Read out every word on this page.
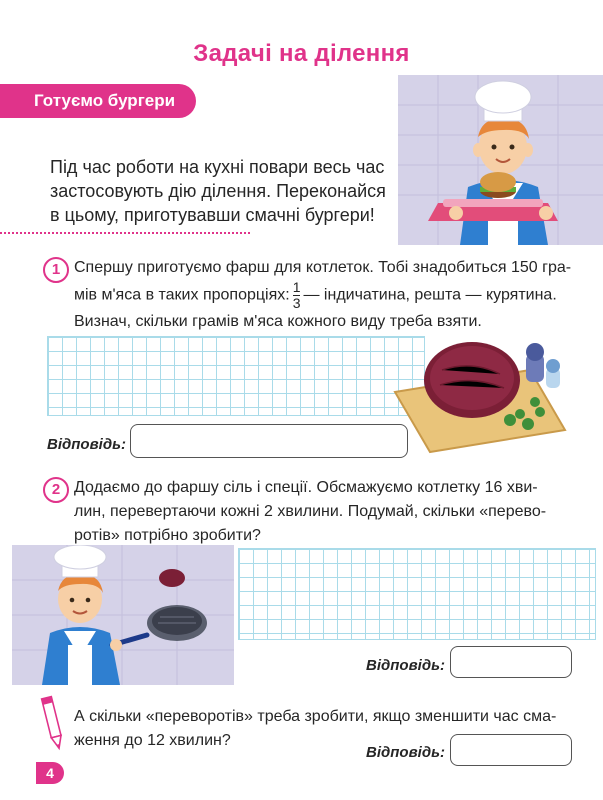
Задачі на ділення
Готуємо бургери
Під час роботи на кухні повари весь час застосовують дію ділення. Переконайся в цьому, приготувавши смачні бургери!
1 Спершу приготуємо фарш для котлеток. Тобі знадобиться 150 гра-
мів м'яса в таких пропорціях: $\frac{1}{3}$ — індичатина, решта — курятина.
Визнач, скільки грамів м'яса кожного виду треба взяти.
Відповідь:
2 Додаємо до фаршу сіль і спеції. Обсмажуємо котлетку 16 хви-
лин, перевертаючи кожні 2 хвилини. Подумай, скільки «перево-
ротів» потрібно зробити?
Відповідь:
А скільки «переворотів» треба зробити, якщо зменшити час сма-
ження до 12 хвилин?
Відповідь:
4
